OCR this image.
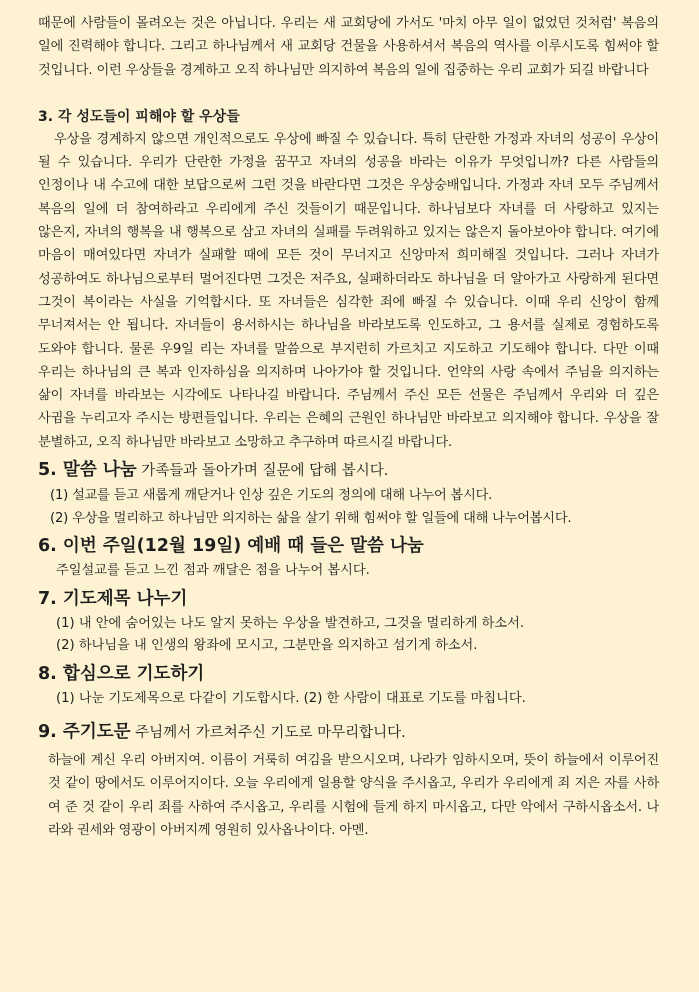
때문에 사람들이 몰려오는 것은 아닙니다. 우리는 새 교회당에 가서도 '마치 아무 일이 없었던 것처럼' 복음의 일에 진력해야 합니다. 그리고 하나님께서 새 교회당 건물을 사용하셔서 복음의 역사를 이루시도록 힘써야 할 것입니다. 이런 우상들을 경계하고 오직 하나님만 의지하여 복음의 일에 집중하는 우리 교회가 되길 바랍니다

3. 각 성도들이 피해야 할 우상들

우상을 경계하지 않으면 개인적으로도 우상에 빠질 수 있습니다. 특히 단란한 가정과 자녀의 성공이 우상이 될 수 있습니다. 우리가 단란한 가정을 꿈꾸고 자녀의 성공을 바라는 이유가 무엇입니까? 다른 사람들의 인정이나 내 수고에 대한 보답으로써 그런 것을 바란다면 그것은 우상숭배입니다. 가정과 자녀 모두 주님께서 복음의 일에 더 참여하라고 우리에게 주신 것들이기 때문입니다. 하나님보다 자녀를 더 사랑하고 있지는 않은지, 자녀의 행복을 내 행복으로 삼고 자녀의 실패를 두려워하고 있지는 않은지 돌아보아야 합니다. 여기에 마음이 매여있다면 자녀가 실패할 때에 모든 것이 무너지고 신앙마저 희미해질 것입니다. 그러나 자녀가 성공하여도 하나님으로부터 멀어진다면 그것은 저주요, 실패하더라도 하나님을 더 알아가고 사랑하게 된다면 그것이 복이라는 사실을 기억합시다. 또 자녀들은 심각한 죄에 빠질 수 있습니다. 이때 우리 신앙이 함께 무너져서는 안 됩니다. 자녀들이 용서하시는 하나님을 바라보도록 인도하고, 그 용서를 실제로 경험하도록 도와야 합니다. 물론 우9일 리는 자녀를 말씀으로 부지런히 가르치고 지도하고 기도해야 합니다. 다만 이때 우리는 하나님의 큰 복과 인자하심을 의지하며 나아가야 할 것입니다. 언약의 사랑 속에서 주님을 의지하는 삶이 자녀를 바라보는 시각에도 나타나길 바랍니다. 주님께서 주신 모든 선물은 주님께서 우리와 더 깊은 사귐을 누리고자 주시는 방편들입니다. 우리는 은혜의 근원인 하나님만 바라보고 의지해야 합니다. 우상을 잘 분별하고, 오직 하나님만 바라보고 소망하고 추구하며 따르시길 바랍니다.

5. 말씀 나눔 가족들과 돌아가며 질문에 답해 봅시다.

(1) 설교를 듣고 새롭게 깨닫거나 인상 깊은 기도의 정의에 대해 나누어 봅시다.

(2) 우상을 멀리하고 하나님만 의지하는 삶을 살기 위해 힘써야 할 일들에 대해 나누어봅시다.

6. 이번 주일(12월 19일) 예배 때 들은 말씀 나눔

주일설교를 듣고 느낀 점과 깨달은 점을 나누어 봅시다.

7. 기도제목 나누기

(1) 내 안에 숨어있는 나도 알지 못하는 우상을 발견하고, 그것을 멀리하게 하소서.

(2) 하나님을 내 인생의 왕좌에 모시고, 그분만을 의지하고 섬기게 하소서.

8. 합심으로 기도하기

(1) 나눈 기도제목으로 다같이 기도합시다. (2) 한 사람이 대표로 기도를 마칩니다.

9. 주기도문 주님께서 가르쳐주신 기도로 마무리합니다.

하늘에 계신 우리 아버지여. 이름이 거룩히 여김을 받으시오며, 나라가 임하시오며, 뜻이 하늘에서 이루어진 것 같이 땅에서도 이루어지이다. 오늘 우리에게 일용할 양식을 주시옵고, 우리가 우리에게 죄 지은 자를 사하여 준 것 같이 우리 죄를 사하여 주시옵고, 우리를 시험에 들게 하지 마시옵고, 다만 악에서 구하시옵소서. 나라와 권세와 영광이 아버지께 영원히 있사옵나이다. 아멘.
